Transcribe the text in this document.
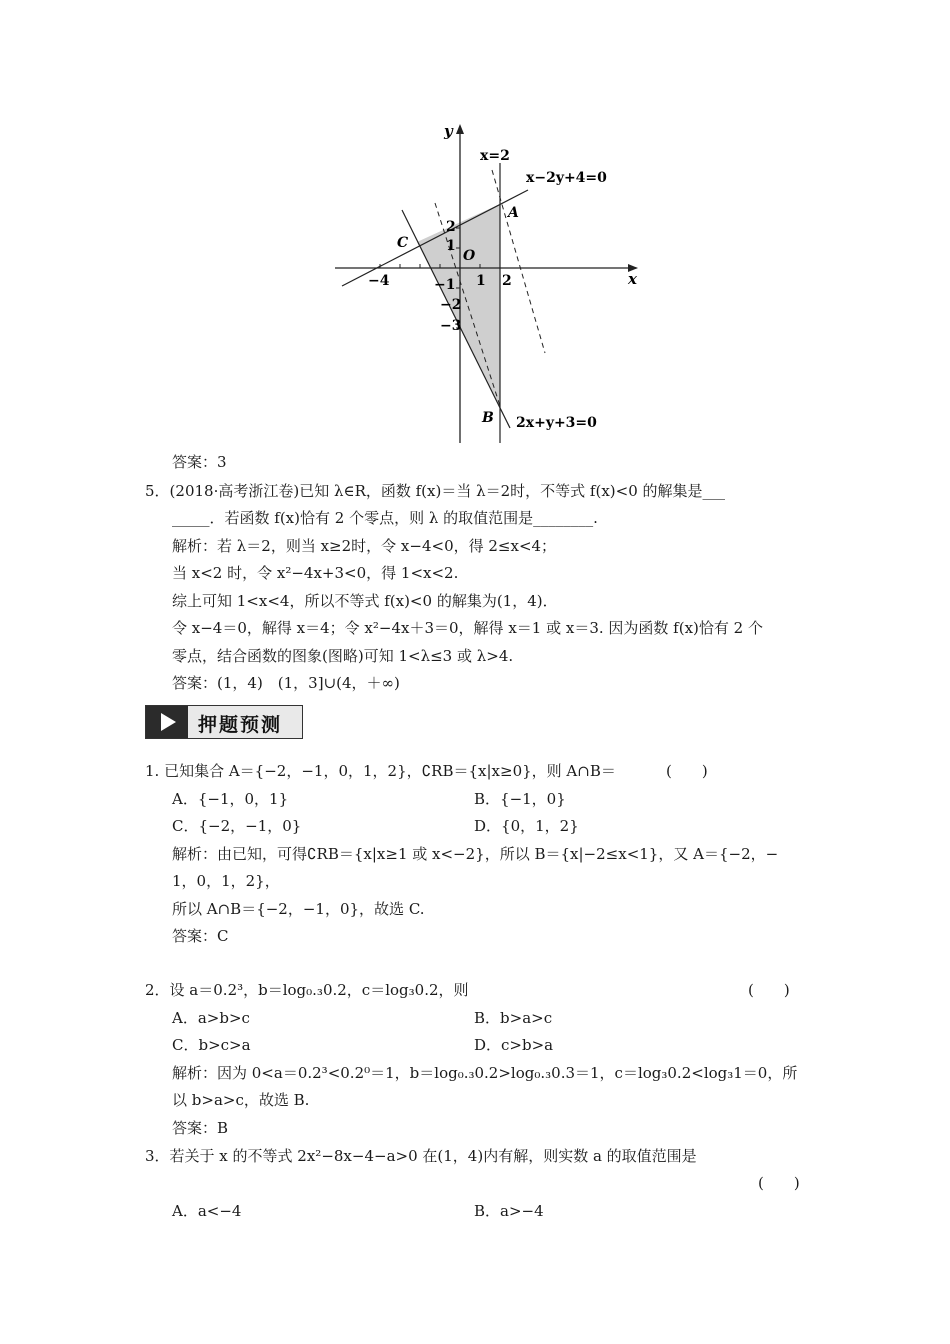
y
x
x=2
x−2y+4=0
2x+y+3=0
A
B
C
O
−4	−1 1 2
2
1
−2
−3
答案：3
5．(2018·高考浙江卷)已知 λ∈R，函数 f(x)＝当 λ＝2时，不等式 f(x)<0 的解集是___
_____．若函数 f(x)恰有 2 个零点，则 λ 的取值范围是________.
解析：若 λ＝2，则当 x≥2时，令 x−4<0，得 2≤x<4；
当 x<2 时，令 x²−4x+3<0，得 1<x<2.
综上可知 1<x<4，所以不等式 f(x)<0 的解集为(1，4)．
令 x−4＝0，解得 x＝4；令 x²−4x＋3＝0，解得 x＝1 或 x＝3. 因为函数 f(x)恰有 2 个
零点，结合函数的图象(图略)可知 1<λ≤3 或 λ>4.
答案：(1，4)　(1，3]∪(4，＋∞)
押题预测
1. 已知集合 A＝{−2，−1，0，1，2}，∁RB＝{x|x≥0}，则 A∩B＝	(　　)
A．{−1，0，1}	B．{−1，0}
C．{−2，−1，0}	D．{0，1，2}
解析：由已知，可得∁RB＝{x|x≥1 或 x<−2}，所以 B＝{x|−2≤x<1}，又 A＝{−2，−
1，0，1，2}，
所以 A∩B＝{−2，−1，0}，故选 C.
答案：C
2．设 a＝0.2³，b＝log₀.₃0.2，c＝log₃0.2，则	(　　)
A．a>b>c	B．b>a>c
C．b>c>a	D．c>b>a
解析：因为 0<a＝0.2³<0.2⁰＝1，b＝log₀.₃0.2>log₀.₃0.3＝1，c＝log₃0.2<log₃1＝0，所
以 b>a>c，故选 B.
答案：B
3．若关于 x 的不等式 2x²−8x−4−a>0 在(1，4)内有解，则实数 a 的取值范围是
(　　)
A．a<−4	B．a>−4
